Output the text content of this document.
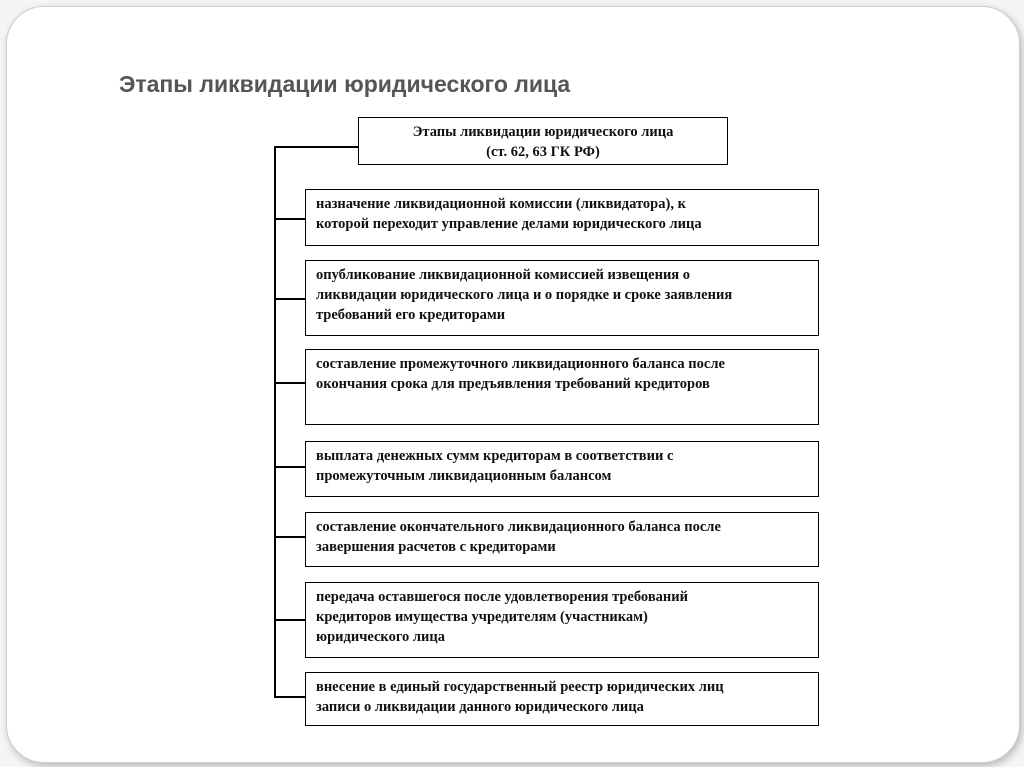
Этапы ликвидации юридического лица
Этапы ликвидации юридического лица
(ст. 62, 63 ГК РФ)
назначение ликвидационной комиссии (ликвидатора), к
которой переходит управление делами юридического лица
опубликование ликвидационной комиссией извещения о
ликвидации юридического лица и о порядке и сроке заявления
требований его кредиторами
составление промежуточного ликвидационного баланса после
окончания срока для предъявления требований кредиторов
выплата денежных сумм кредиторам в соответствии с
промежуточным ликвидационным балансом
составление окончательного ликвидационного баланса после
завершения расчетов с кредиторами
передача оставшегося после удовлетворения требований
кредиторов имущества учредителям (участникам)
юридического лица
внесение в единый государственный реестр юридических лиц
записи о ликвидации данного юридического лица
